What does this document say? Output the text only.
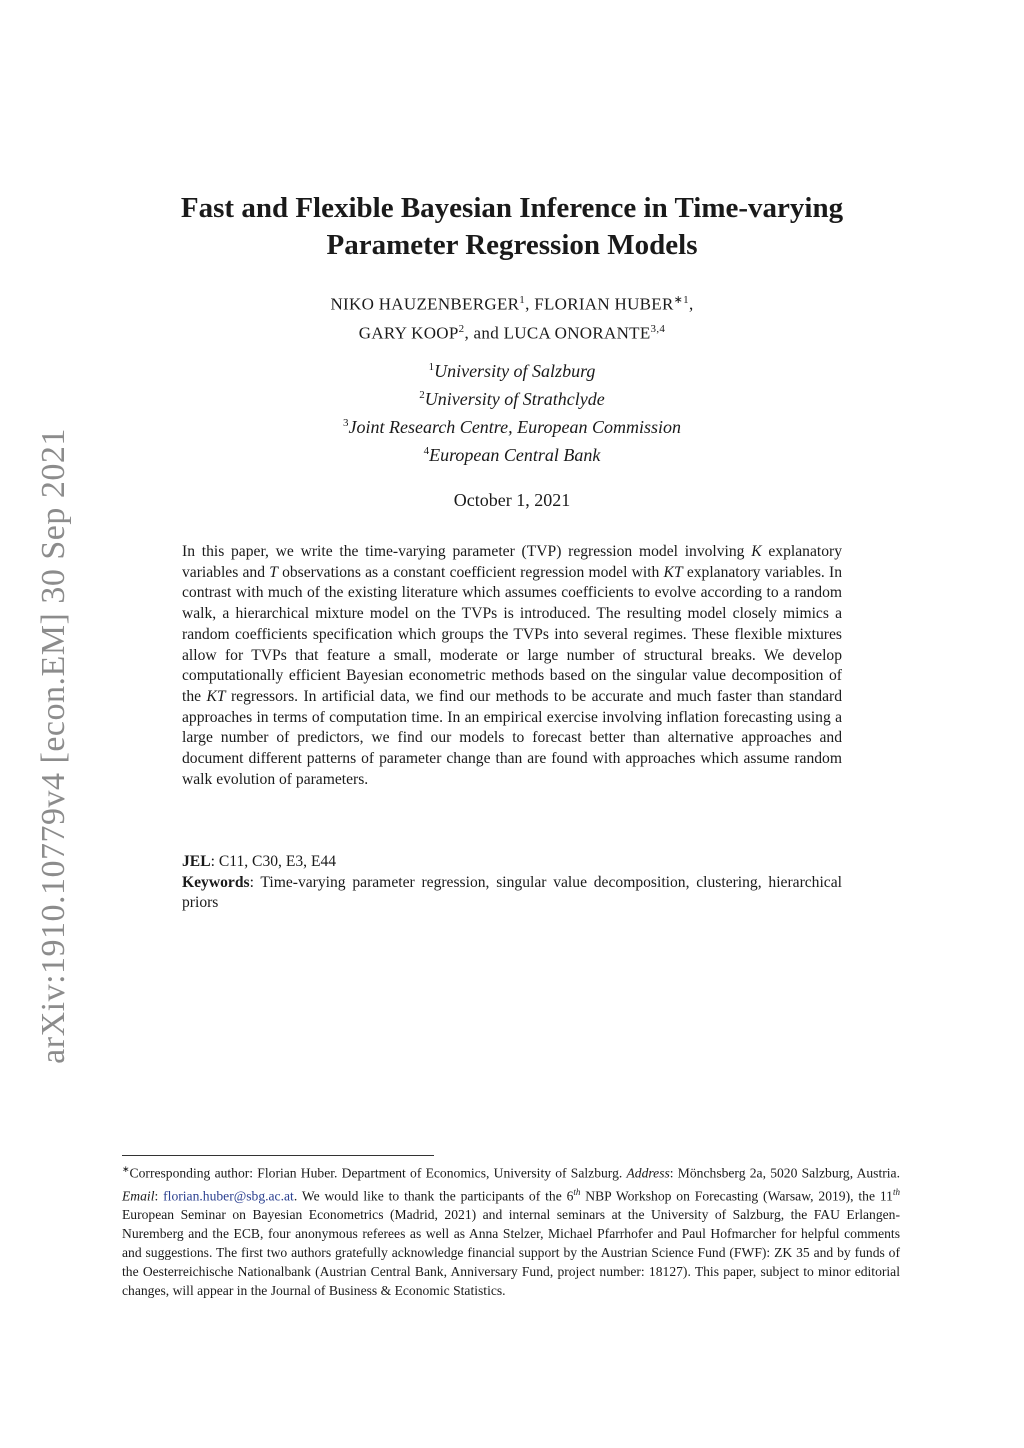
arXiv:1910.10779v4 [econ.EM] 30 Sep 2021
Fast and Flexible Bayesian Inference in Time-varying
Parameter Regression Models
NIKO HAUZENBERGER$^1$, FLORIAN $HUBER^{∗1}$,
GARY KOOP$^2$, and LUCA ONORANTE$^{3,4}$
$^1$University of Salzburg
$^2$University of Strathclyde
$^3$Joint Research Centre, European Commission
$^4$European Central Bank
October 1, 2021
In this paper, we write the time-varying parameter (TVP) regression model involving K explanatory variables and T observations as a constant coefficient regression model with KT explanatory variables. In contrast with much of the existing literature which assumes coefficients to evolve according to a random walk, a hierarchical mixture model on the TVPs is introduced. The resulting model closely mimics a random coefficients specification which groups the TVPs into several regimes. These flexible mixtures allow for TVPs that feature a small, moderate or large number of structural breaks. We develop computationally efficient Bayesian econometric methods based on the singular value decomposition of the KT regressors. In artificial data, we find our methods to be accurate and much faster than standard approaches in terms of computation time. In an empirical exercise involving inflation forecasting using a large number of predictors, we find our models to forecast better than alternative approaches and document different patterns of parameter change than are found with approaches which assume random walk evolution of parameters.
JEL: C11, C30, E3, E44
Keywords: Time-varying parameter regression, singular value decomposition, clustering, hierarchical priors
∗Corresponding author: Florian Huber. Department of Economics, University of Salzburg. Address: Mönchsberg 2a, 5020 Salzburg, Austria. Email: florian.huber@sbg.ac.at. We would like to thank the participants of the 6th NBP Workshop on Forecasting (Warsaw, 2019), the 11th European Seminar on Bayesian Econometrics (Madrid, 2021) and internal seminars at the University of Salzburg, the FAU Erlangen-Nuremberg and the ECB, four anonymous referees as well as Anna Stelzer, Michael Pfarrhofer and Paul Hofmarcher for helpful comments and suggestions. The first two authors gratefully acknowledge financial support by the Austrian Science Fund (FWF): ZK 35 and by funds of the Oesterreichische Nationalbank (Austrian Central Bank, Anniversary Fund, project number: 18127). This paper, subject to minor editorial changes, will appear in the Journal of Business & Economic Statistics.
